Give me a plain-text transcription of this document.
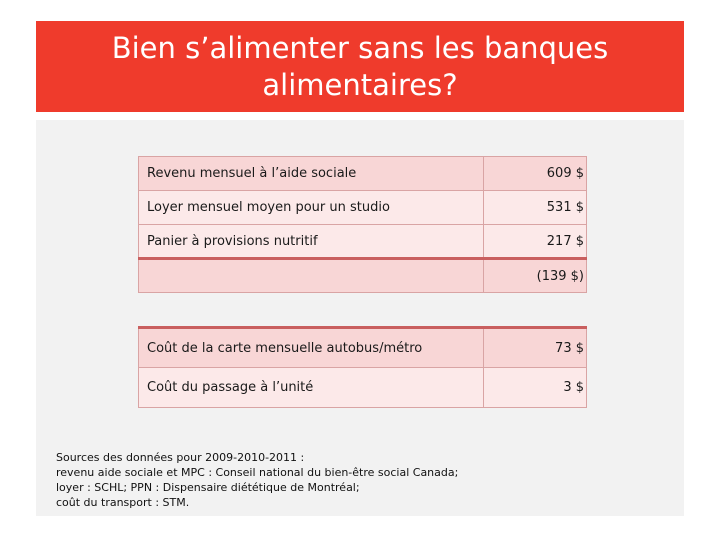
Bien s’alimenter sans les banques
alimentaires?
Revenu mensuel à l’aide sociale	609 $
Loyer mensuel moyen pour un studio	531 $
Panier à provisions nutritif	217 $
	(139 $)
Coût de la carte mensuelle autobus/métro	73 $
Coût du passage à l’unité	3 $
Sources des données pour 2009-2010-2011 :
revenu aide sociale et MPC : Conseil national du bien-être social Canada;
loyer : SCHL; PPN : Dispensaire diététique de Montréal;
coût du transport : STM.
